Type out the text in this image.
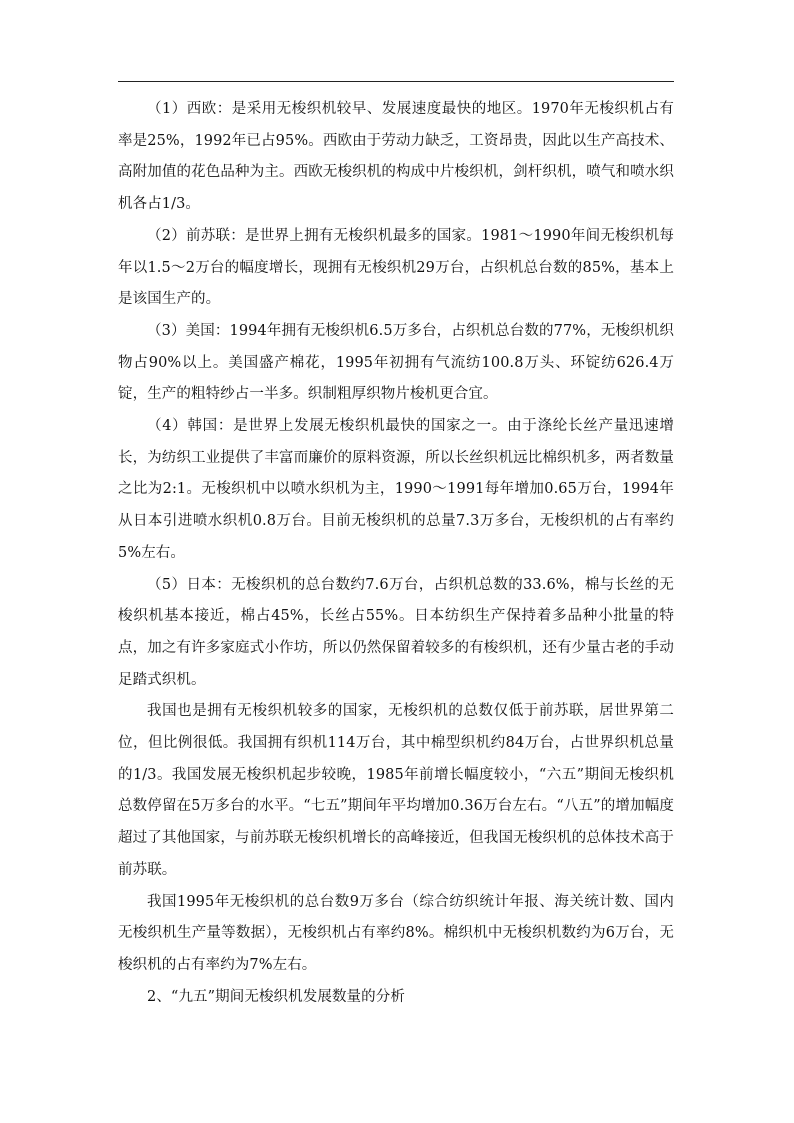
（1）西欧：是采用无梭织机较早、发展速度最快的地区。1970年无梭织机占有率是25%，1992年已占95%。西欧由于劳动力缺乏，工资昂贵，因此以生产高技术、高附加值的花色品种为主。西欧无梭织机的构成中片梭织机，剑杆织机，喷气和喷水织机各占1/3。

（2）前苏联：是世界上拥有无梭织机最多的国家。1981～1990年间无梭织机每年以1.5～2万台的幅度增长，现拥有无梭织机29万台，占织机总台数的85%，基本上是该国生产的。

（3）美国：1994年拥有无梭织机6.5万多台，占织机总台数的77%，无梭织机织物占90%以上。美国盛产棉花，1995年初拥有气流纺100.8万头、环锭纺626.4万锭，生产的粗特纱占一半多。织制粗厚织物片梭机更合宜。

（4）韩国：是世界上发展无梭织机最快的国家之一。由于涤纶长丝产量迅速增长，为纺织工业提供了丰富而廉价的原料资源，所以长丝织机远比棉织机多，两者数量之比为2:1。无梭织机中以喷水织机为主，1990～1991每年增加0.65万台，1994年从日本引进喷水织机0.8万台。目前无梭织机的总量7.3万多台，无梭织机的占有率约5%左右。

（5）日本：无梭织机的总台数约7.6万台，占织机总数的33.6%，棉与长丝的无梭织机基本接近，棉占45%，长丝占55%。日本纺织生产保持着多品种小批量的特点，加之有许多家庭式小作坊，所以仍然保留着较多的有梭织机，还有少量古老的手动足踏式织机。

我国也是拥有无梭织机较多的国家，无梭织机的总数仅低于前苏联，居世界第二位，但比例很低。我国拥有织机114万台，其中棉型织机约84万台，占世界织机总量的1/3。我国发展无梭织机起步较晚，1985年前增长幅度较小，“六五”期间无梭织机总数停留在5万多台的水平。“七五”期间年平均增加0.36万台左右。“八五”的增加幅度超过了其他国家，与前苏联无梭织机增长的高峰接近，但我国无梭织机的总体技术高于前苏联。

我国1995年无梭织机的总台数9万多台（综合纺织统计年报、海关统计数、国内无梭织机生产量等数据），无梭织机占有率约8%。棉织机中无梭织机数约为6万台，无梭织机的占有率约为7%左右。

2、“九五”期间无梭织机发展数量的分析
